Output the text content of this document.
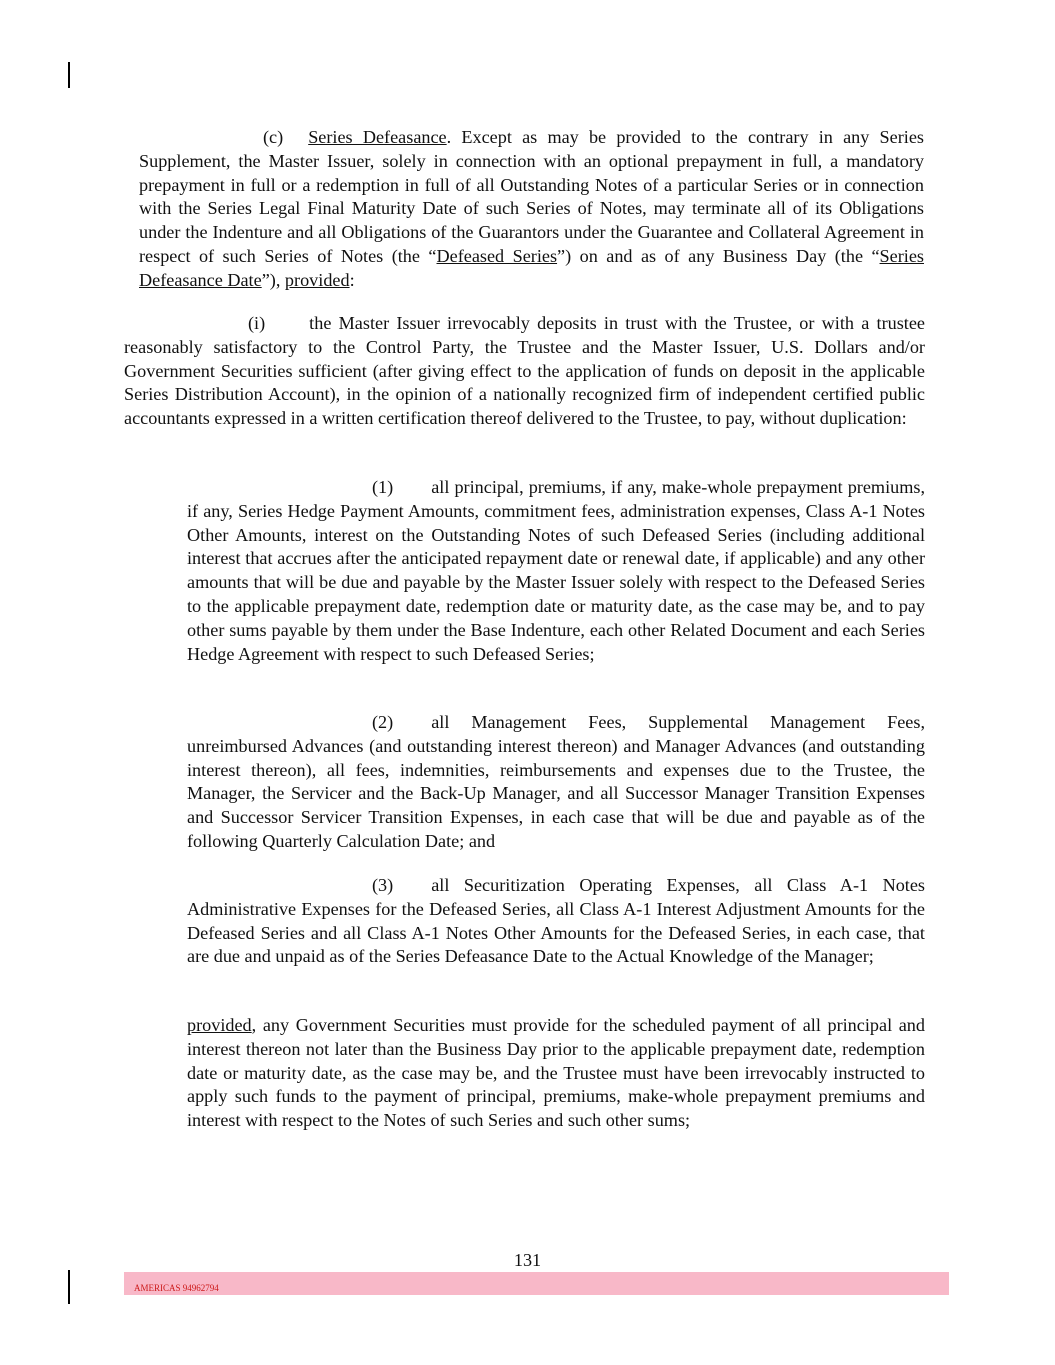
(c) Series Defeasance. Except as may be provided to the contrary in any Series Supplement, the Master Issuer, solely in connection with an optional prepayment in full, a mandatory prepayment in full or a redemption in full of all Outstanding Notes of a particular Series or in connection with the Series Legal Final Maturity Date of such Series of Notes, may terminate all of its Obligations under the Indenture and all Obligations of the Guarantors under the Guarantee and Collateral Agreement in respect of such Series of Notes (the “Defeased Series”) on and as of any Business Day (the “Series Defeasance Date”), provided:

(i) the Master Issuer irrevocably deposits in trust with the Trustee, or with a trustee reasonably satisfactory to the Control Party, the Trustee and the Master Issuer, U.S. Dollars and/or Government Securities sufficient (after giving effect to the application of funds on deposit in the applicable Series Distribution Account), in the opinion of a nationally recognized firm of independent certified public accountants expressed in a written certification thereof delivered to the Trustee, to pay, without duplication:

(1) all principal, premiums, if any, make-whole prepayment premiums, if any, Series Hedge Payment Amounts, commitment fees, administration expenses, Class A-1 Notes Other Amounts, interest on the Outstanding Notes of such Defeased Series (including additional interest that accrues after the anticipated repayment date or renewal date, if applicable) and any other amounts that will be due and payable by the Master Issuer solely with respect to the Defeased Series to the applicable prepayment date, redemption date or maturity date, as the case may be, and to pay other sums payable by them under the Base Indenture, each other Related Document and each Series Hedge Agreement with respect to such Defeased Series;

(2) all Management Fees, Supplemental Management Fees, unreimbursed Advances (and outstanding interest thereon) and Manager Advances (and outstanding interest thereon), all fees, indemnities, reimbursements and expenses due to the Trustee, the Manager, the Servicer and the Back-Up Manager, and all Successor Manager Transition Expenses and Successor Servicer Transition Expenses, in each case that will be due and payable as of the following Quarterly Calculation Date; and

(3) all Securitization Operating Expenses, all Class A-1 Notes Administrative Expenses for the Defeased Series, all Class A-1 Interest Adjustment Amounts for the Defeased Series and all Class A-1 Notes Other Amounts for the Defeased Series, in each case, that are due and unpaid as of the Series Defeasance Date to the Actual Knowledge of the Manager;

provided, any Government Securities must provide for the scheduled payment of all principal and interest thereon not later than the Business Day prior to the applicable prepayment date, redemption date or maturity date, as the case may be, and the Trustee must have been irrevocably instructed to apply such funds to the payment of principal, premiums, make-whole prepayment premiums and interest with respect to the Notes of such Series and such other sums;

131
AMERICAS 94962794
